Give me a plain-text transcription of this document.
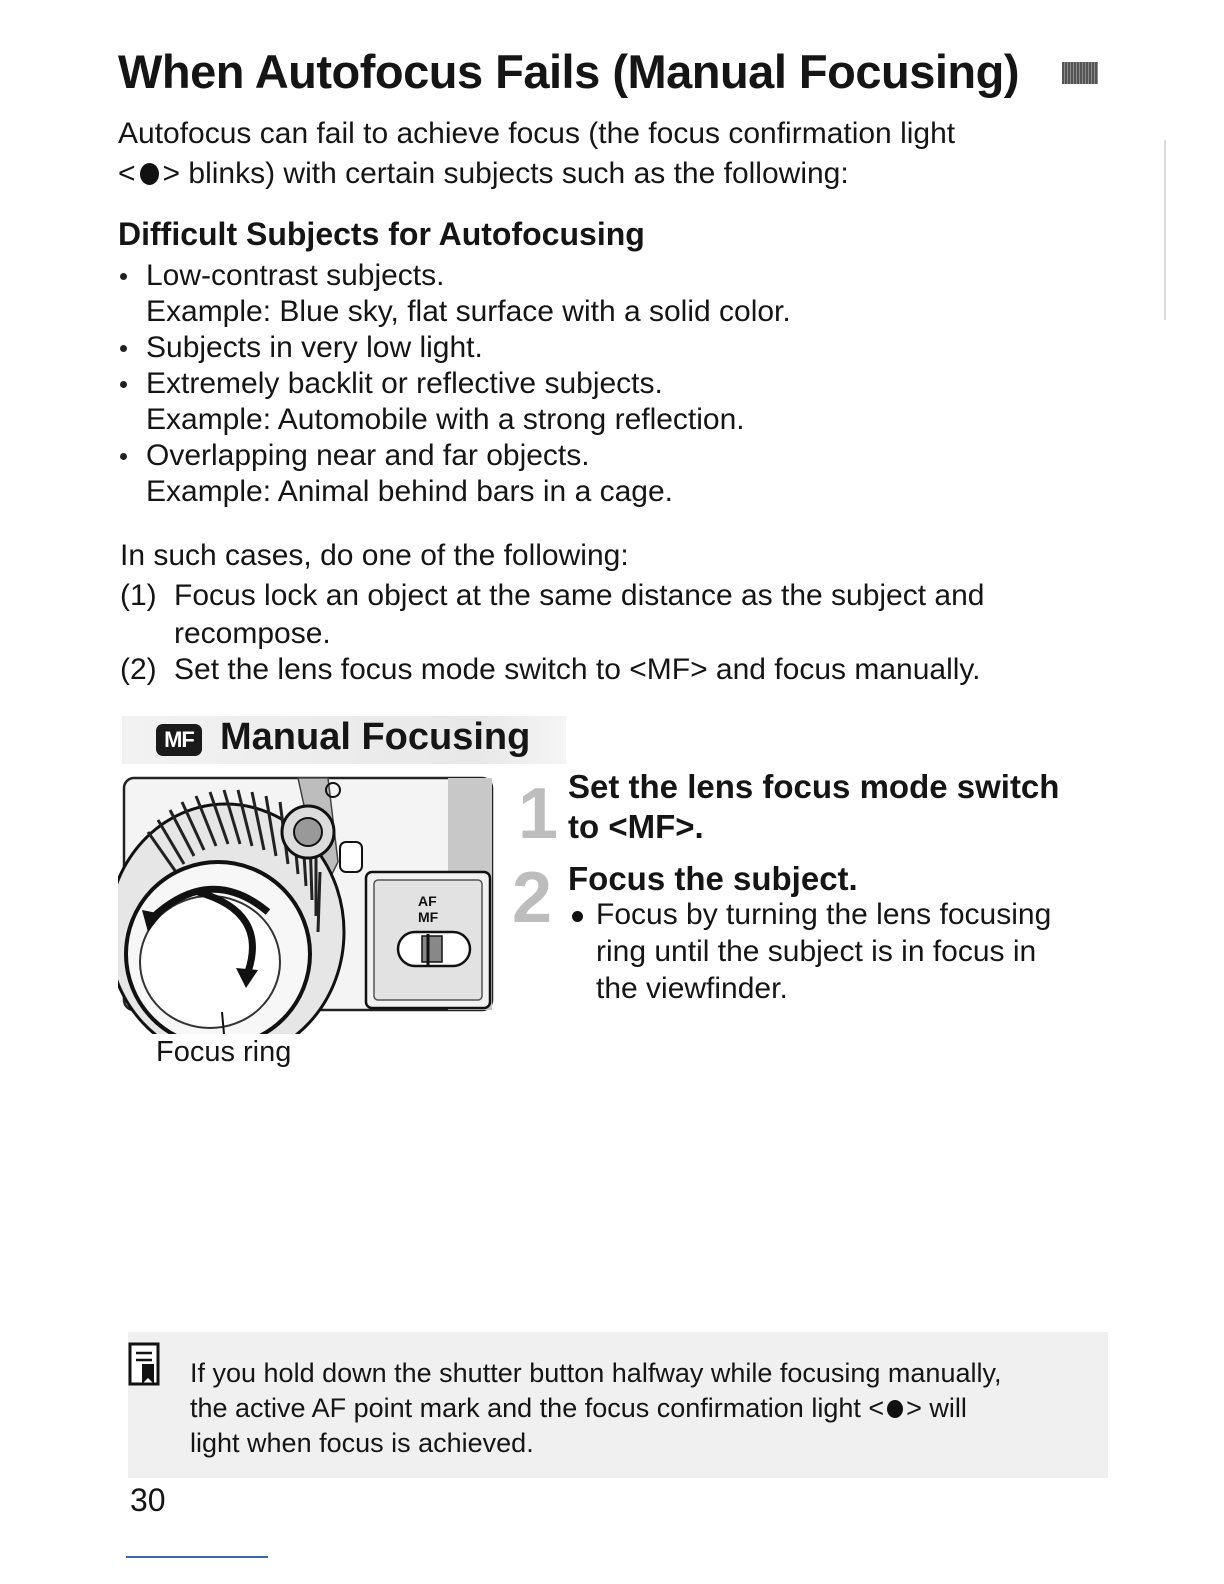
When Autofocus Fails (Manual Focusing)

Autofocus can fail to achieve focus (the focus confirmation light

< > blinks) with certain subjects such as the following:

Difficult Subjects for Autofocusing

Low-contrast subjects.

Example: Blue sky, flat surface with a solid color.

Subjects in very low light.

Extremely backlit or reflective subjects.

Example: Automobile with a strong reflection.

Overlapping near and far objects.

Example: Animal behind bars in a cage.

In such cases, do one of the following:

(1) Focus lock an object at the same distance as the subject and

recompose.

(2) Set the lens focus mode switch to <MF> and focus manually.

MF Manual Focusing
AF
MF

Focus ring

1 Set the lens focus mode switch

to <MF>.

2 Focus the subject.

Focus by turning the lens focusing

ring until the subject is in focus in

the viewfinder.

If you hold down the shutter button halfway while focusing manually,

the active AF point mark and the focus confirmation light < > will

light when focus is achieved.

30
